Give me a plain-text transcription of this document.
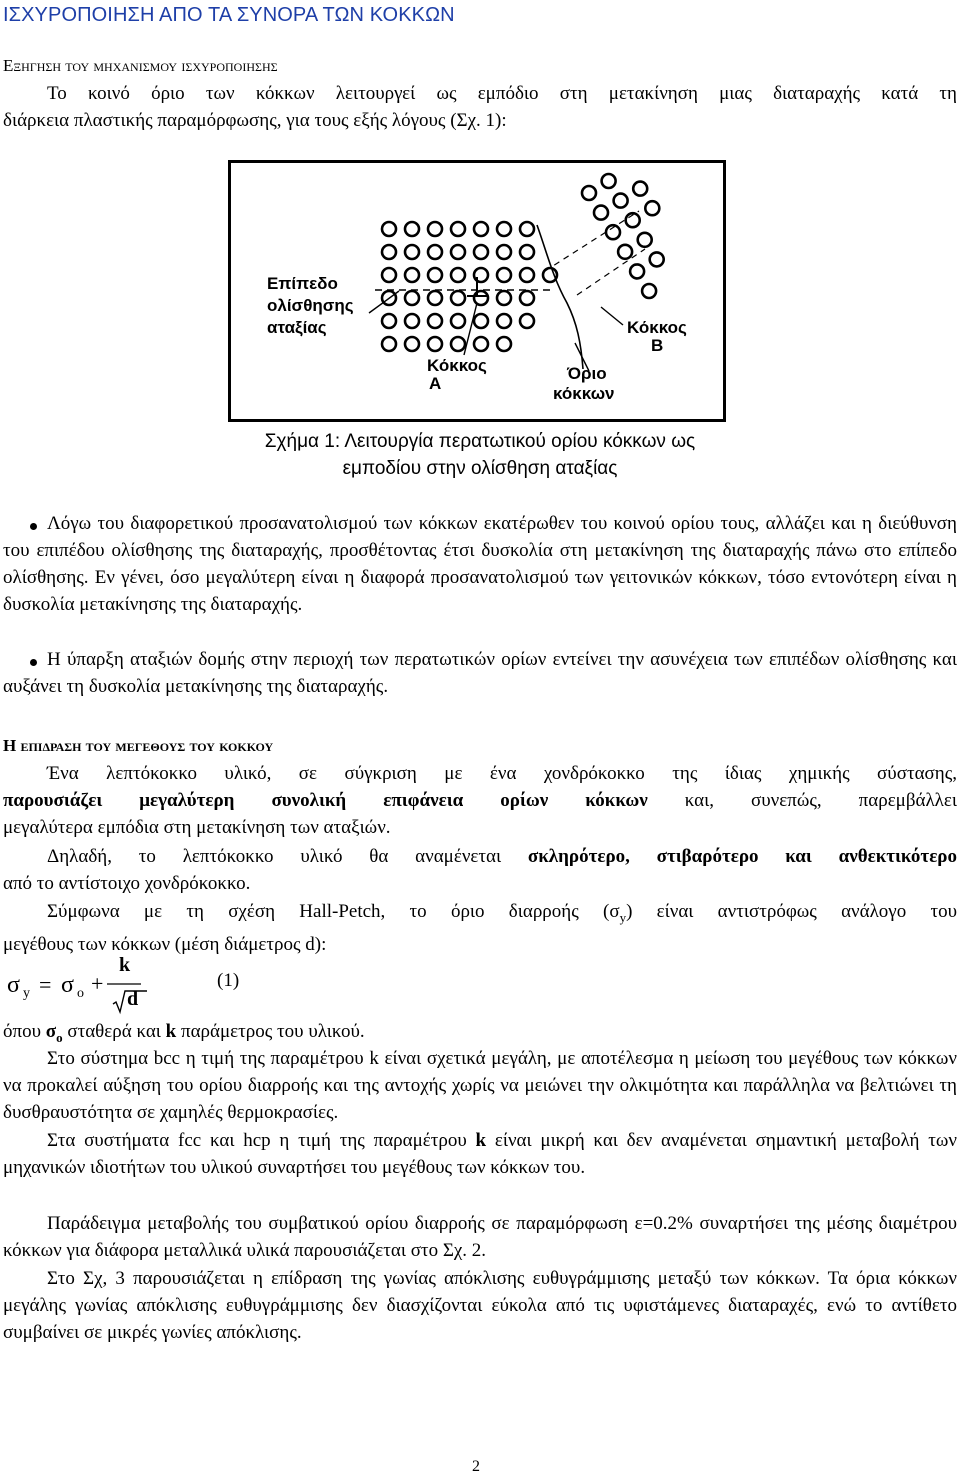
ΙΣΧΥΡΟΠΟΙΗΣΗ ΑΠΟ ΤΑ ΣΥΝΟΡΑ ΤΩΝ ΚΟΚΚΩΝ
Εξηγηση του μηχανισμου ισχυροποιησης

Το κοινό όριο των κόκκων λειτουργεί ως εμπόδιο στη μετακίνηση μιας διαταραχής κατά τη

διάρκεια πλαστικής παραμόρφωσης, για τους εξής λόγους (Σχ. 1):

Επίπεδο
ολίσθησης
αταξίας
Κόκκος
Α
Κόκκος
Β
Όριο
κόκκων
Σχήμα 1: Λειτουργία περατωτικού ορίου κόκκων ως
εμποδίου στην ολίσθηση αταξίας

Λόγω του διαφορετικού προσανατολισμού των κόκκων εκατέρωθεν του κοινού ορίου τους, αλλάζει και η διεύθυνση του επιπέδου ολίσθησης της διαταραχής, προσθέτοντας έτσι δυσκολία στη μετακίνηση της διαταραχής πάνω στο επίπεδο ολίσθησης. Εν γένει, όσο μεγαλύτερη είναι η διαφορά προσανατολισμού των γειτονικών κόκκων, τόσο εντονότερη είναι η δυσκολία μετακίνησης της διαταραχής.

Η ύπαρξη αταξιών δομής στην περιοχή των περατωτικών ορίων εντείνει την ασυνέχεια των επιπέδων ολίσθησης και αυξάνει τη δυσκολία μετακίνησης της διαταραχής.

Η επιδραση του μεγεθους του κοκκου

Ένα λεπτόκοκκο υλικό, σε σύγκριση με ένα χονδρόκοκκο της ίδιας χημικής σύστασης,
παρουσιάζει μεγαλύτερη συνολική επιφάνεια ορίων κόκκων και, συνεπώς, παρεμβάλλει
μεγαλύτερα εμπόδια στη μετακίνηση των αταξιών.

Δηλαδή, το λεπτόκοκκο υλικό θα αναμένεται σκληρότερο, στιβαρότερο και ανθεκτικότερο
από το αντίστοιχο χονδρόκοκκο.

Σύμφωνα με τη σχέση Hall-Petch, το όριο διαρροής $(\sigma_y)$ είναι αντιστρόφως ανάλογο του
μεγέθους των κόκκων (μέση διάμετρος d):

σ y = σ o +
k
d
(1)

όπου $\sigma_o$ σταθερά και k παράμετρος του υλικού.

Στο σύστημα bcc η τιμή της παραμέτρου k είναι σχετικά μεγάλη, με αποτέλεσμα η μείωση του μεγέθους των κόκκων να προκαλεί αύξηση του ορίου διαρροής και της αντοχής χωρίς να μειώνει την ολκιμότητα και παράλληλα να βελτιώνει τη δυσθραυστότητα σε χαμηλές θερμοκρασίες.

Στα συστήματα fcc και hcp η τιμή της παραμέτρου k είναι μικρή και δεν αναμένεται σημαντική μεταβολή των μηχανικών ιδιοτήτων του υλικού συναρτήσει του μεγέθους των κόκκων του.

Παράδειγμα μεταβολής του συμβατικού ορίου διαρροής σε παραμόρφωση ε=0.2% συναρτήσει της μέσης διαμέτρου κόκκων για διάφορα μεταλλικά υλικά παρουσιάζεται στο Σχ. 2.

Στο Σχ, 3 παρουσιάζεται η επίδραση της γωνίας απόκλισης ευθυγράμμισης μεταξύ των κόκκων. Τα όρια κόκκων μεγάλης γωνίας απόκλισης ευθυγράμμισης δεν διασχίζονται εύκολα από τις υφιστάμενες διαταραχές, ενώ το αντίθετο συμβαίνει σε μικρές γωνίες απόκλισης.

2
